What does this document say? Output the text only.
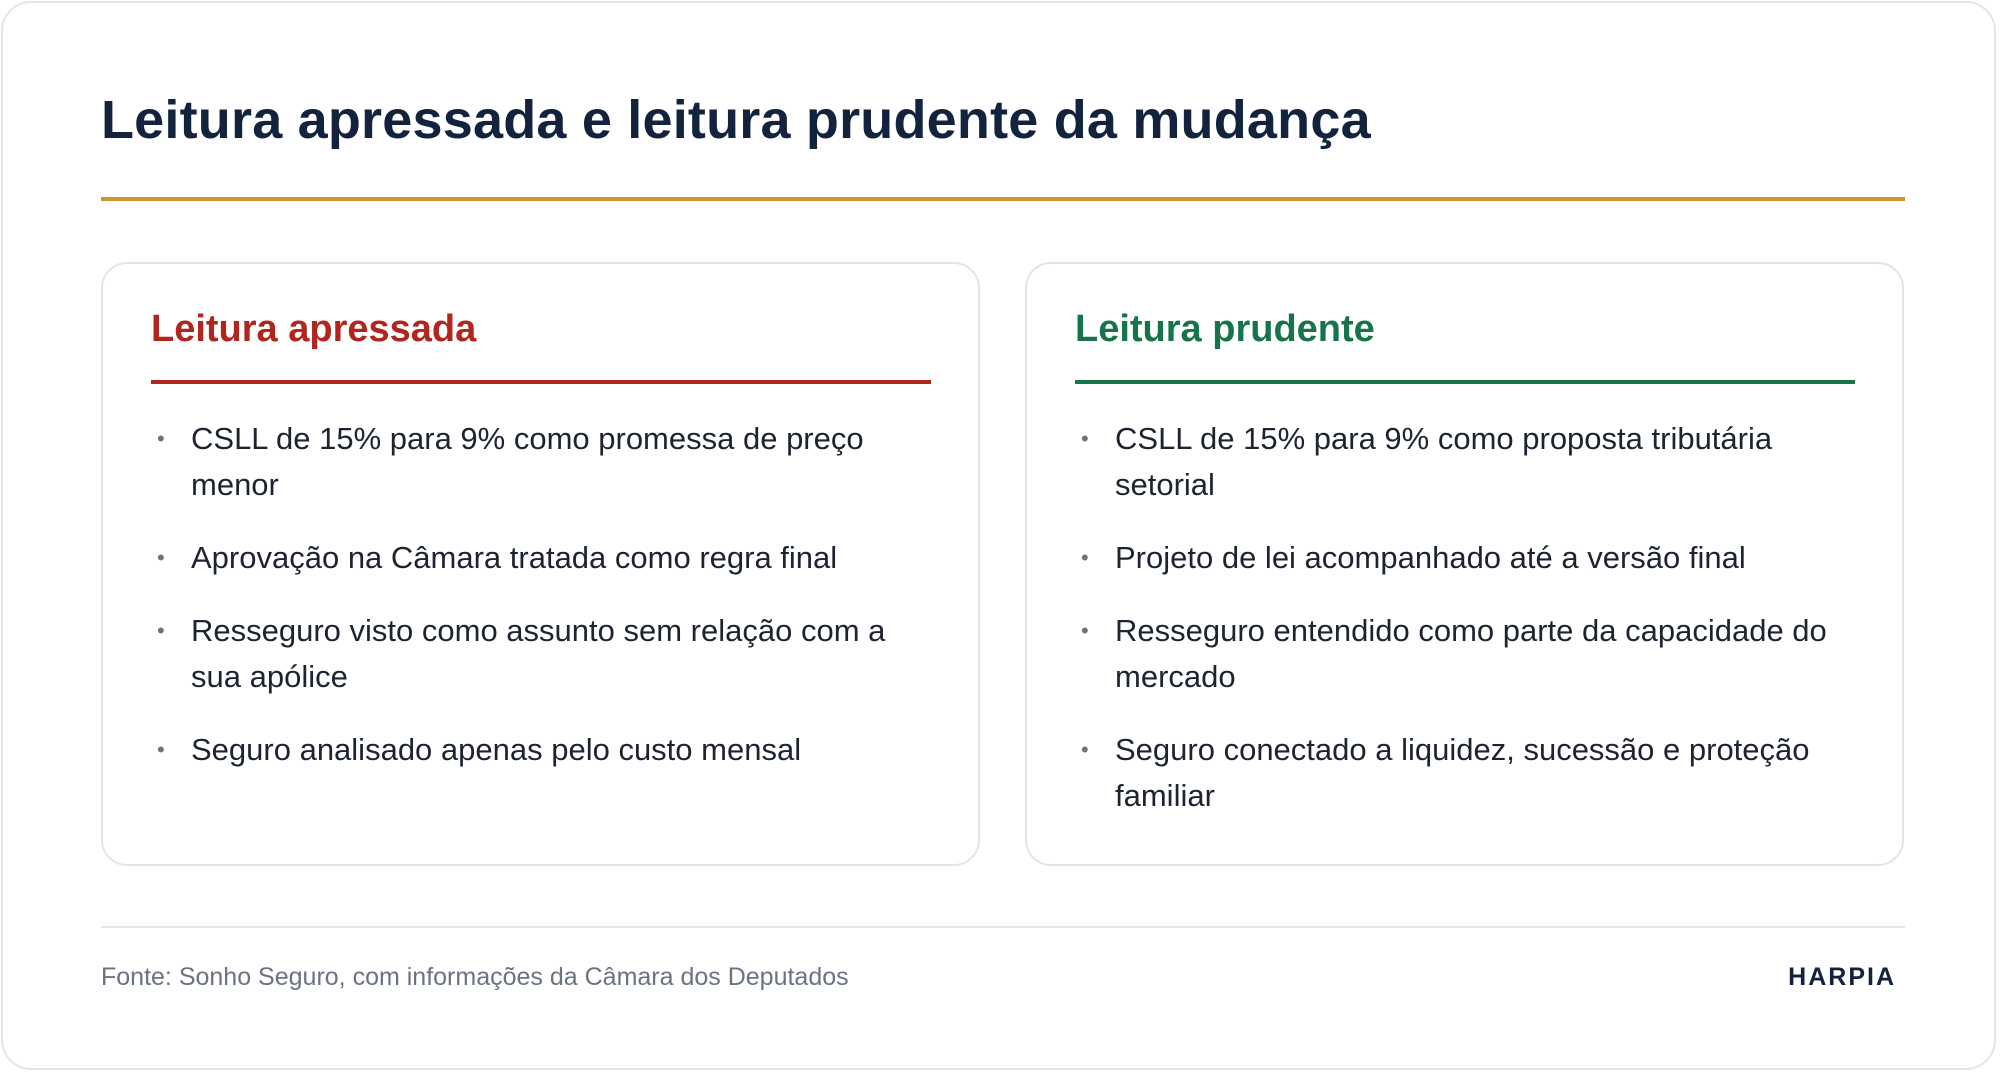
Leitura apressada e leitura prudente da mudança
Leitura apressada
• CSLL de 15% para 9% como promessa de preço menor
• Aprovação na Câmara tratada como regra final
• Resseguro visto como assunto sem relação com a sua apólice
• Seguro analisado apenas pelo custo mensal
Leitura prudente
• CSLL de 15% para 9% como proposta tributária setorial
• Projeto de lei acompanhado até a versão final
• Resseguro entendido como parte da capacidade do mercado
• Seguro conectado a liquidez, sucessão e proteção familiar
Fonte: Sonho Seguro, com informações da Câmara dos Deputados	HARPIA
